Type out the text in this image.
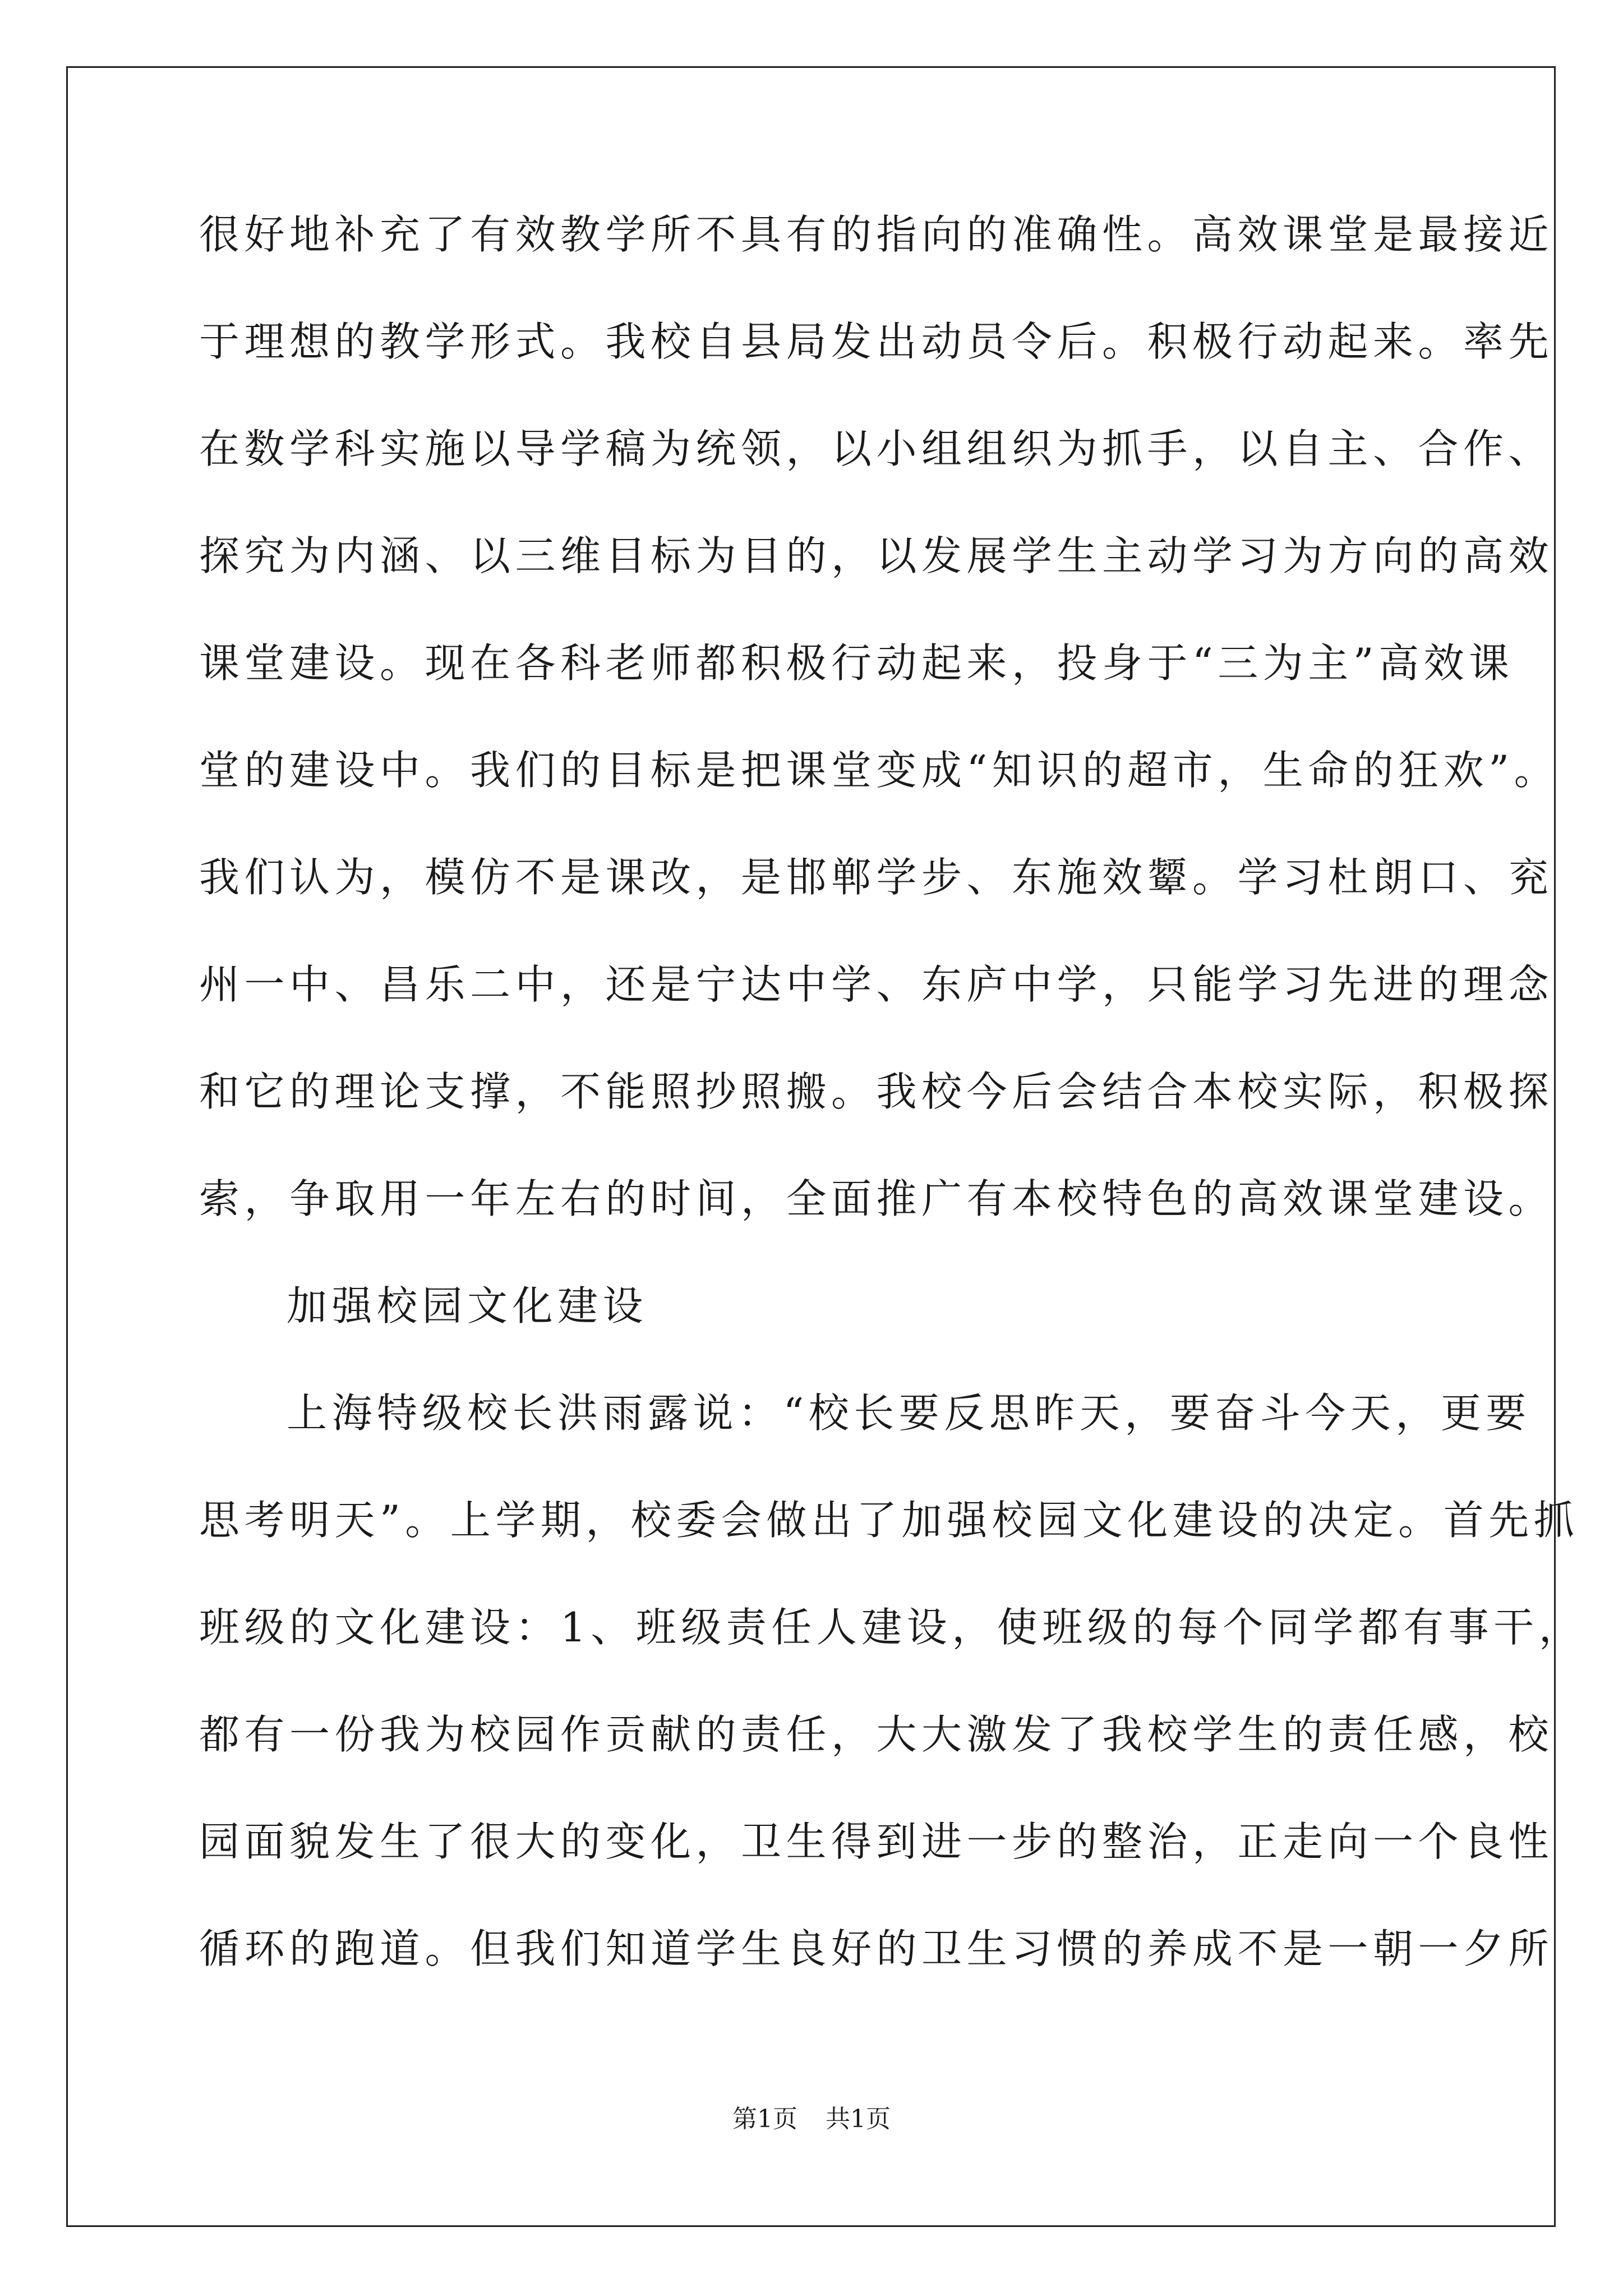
很好地补充了有效教学所不具有的指向的准确性。高效课堂是最接近
于理想的教学形式。我校自县局发出动员令后。积极行动起来。率先
在数学科实施以导学稿为统领，以小组组织为抓手，以自主、合作、
探究为内涵、以三维目标为目的，以发展学生主动学习为方向的高效
课堂建设。现在各科老师都积极行动起来，投身于“三为主”高效课
堂的建设中。我们的目标是把课堂变成“知识的超市，生命的狂欢”。
我们认为，模仿不是课改，是邯郸学步、东施效颦。学习杜朗口、兖
州一中、昌乐二中，还是宁达中学、东庐中学，只能学习先进的理念
和它的理论支撑，不能照抄照搬。我校今后会结合本校实际，积极探
索，争取用一年左右的时间，全面推广有本校特色的高效课堂建设。
加强校园文化建设
上海特级校长洪雨露说：“校长要反思昨天，要奋斗今天，更要
思考明天”。上学期，校委会做出了加强校园文化建设的决定。首先抓
班级的文化建设：1、班级责任人建设，使班级的每个同学都有事干，
都有一份我为校园作贡献的责任，大大激发了我校学生的责任感，校
园面貌发生了很大的变化，卫生得到进一步的整治，正走向一个良性
循环的跑道。但我们知道学生良好的卫生习惯的养成不是一朝一夕所
第1页 共1页
